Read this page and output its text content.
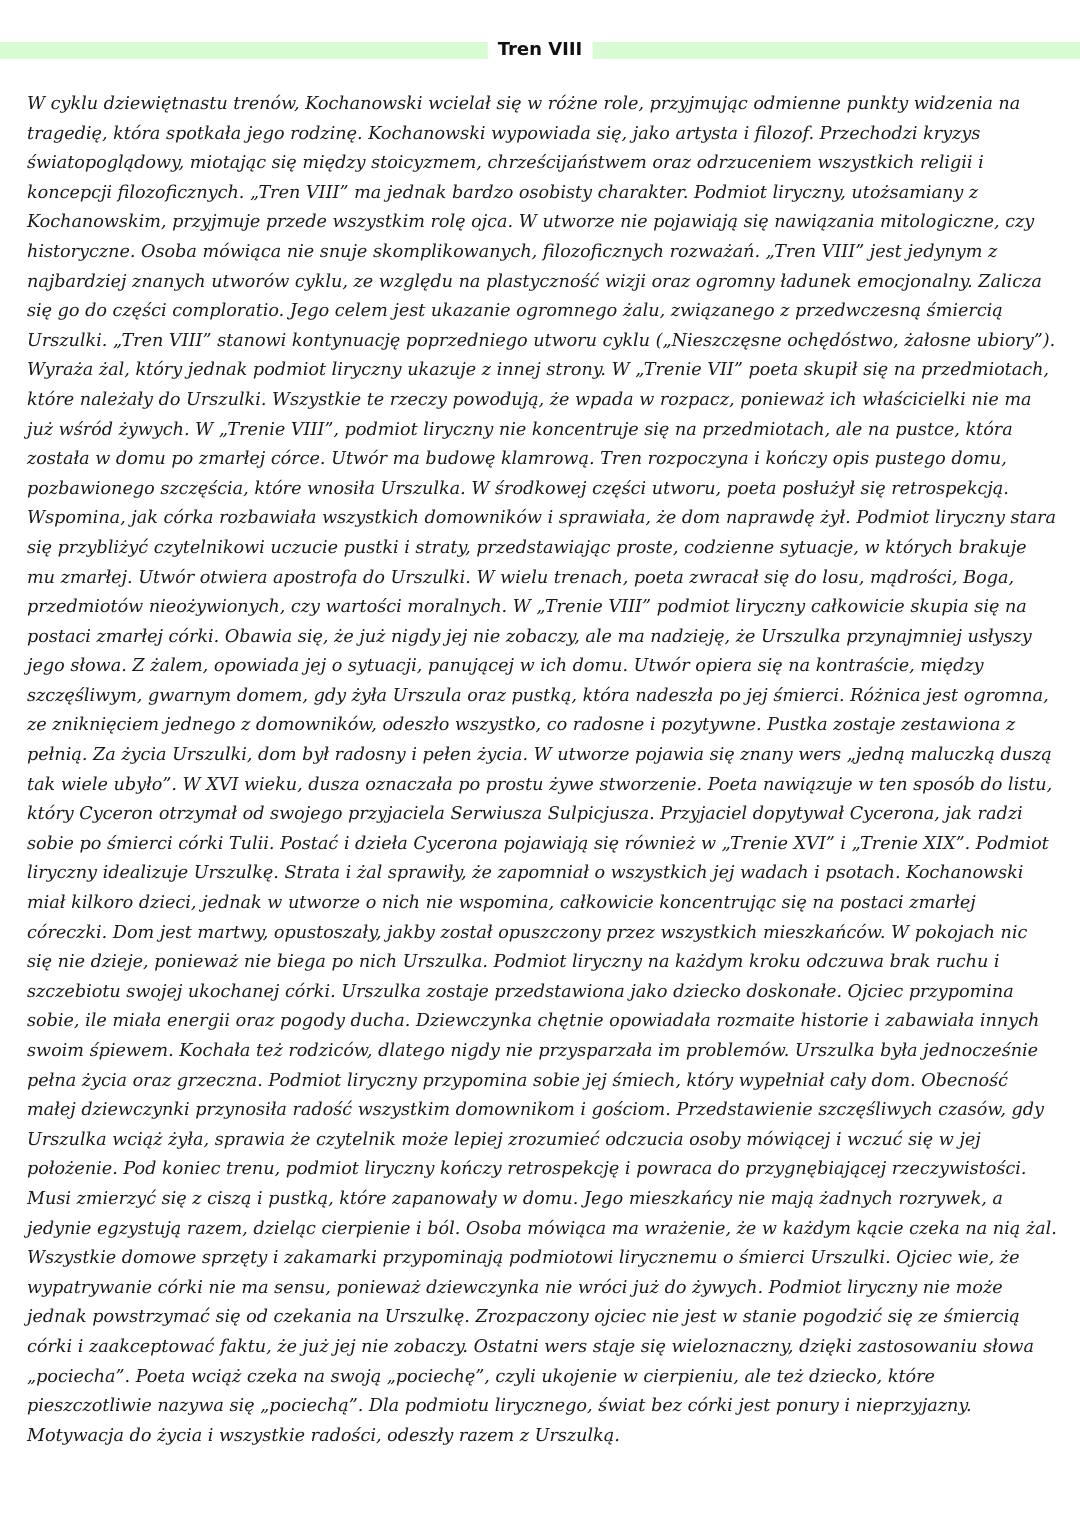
Tren VIII

W cyklu dziewiętnastu trenów, Kochanowski wcielał się w różne role, przyjmując odmienne punkty widzenia na tragedię, która spotkała jego rodzinę. Kochanowski wypowiada się, jako artysta i filozof. Przechodzi kryzys światopoglądowy, miotając się między stoicyzmem, chrześcijaństwem oraz odrzuceniem wszystkich religii i koncepcji filozoficznych. „Tren VIII” ma jednak bardzo osobisty charakter. Podmiot liryczny, utożsamiany z Kochanowskim, przyjmuje przede wszystkim rolę ojca. W utworze nie pojawiają się nawiązania mitologiczne, czy historyczne. Osoba mówiąca nie snuje skomplikowanych, filozoficznych rozważań. „Tren VIII” jest jedynym z najbardziej znanych utworów cyklu, ze względu na plastyczność wizji oraz ogromny ładunek emocjonalny. Zalicza się go do części comploratio. Jego celem jest ukazanie ogromnego żalu, związanego z przedwczesną śmiercią Urszulki. „Tren VIII” stanowi kontynuację poprzedniego utworu cyklu („Nieszczęsne ochędóstwo, żałosne ubiory”). Wyraża żal, który jednak podmiot liryczny ukazuje z innej strony. W „Trenie VII” poeta skupił się na przedmiotach, które należały do Urszulki. Wszystkie te rzeczy powodują, że wpada w rozpacz, ponieważ ich właścicielki nie ma już wśród żywych. W „Trenie VIII”, podmiot liryczny nie koncentruje się na przedmiotach, ale na pustce, która została w domu po zmarłej córce. Utwór ma budowę klamrową. Tren rozpoczyna i kończy opis pustego domu, pozbawionego szczęścia, które wnosiła Urszulka. W środkowej części utworu, poeta posłużył się retrospekcją. Wspomina, jak córka rozbawiała wszystkich domowników i sprawiała, że dom naprawdę żył. Podmiot liryczny stara się przybliżyć czytelnikowi uczucie pustki i straty, przedstawiając proste, codzienne sytuacje, w których brakuje mu zmarłej. Utwór otwiera apostrofa do Urszulki. W wielu trenach, poeta zwracał się do losu, mądrości, Boga, przedmiotów nieożywionych, czy wartości moralnych. W „Trenie VIII” podmiot liryczny całkowicie skupia się na postaci zmarłej córki. Obawia się, że już nigdy jej nie zobaczy, ale ma nadzieję, że Urszulka przynajmniej usłyszy jego słowa. Z żalem, opowiada jej o sytuacji, panującej w ich domu. Utwór opiera się na kontraście, między szczęśliwym, gwarnym domem, gdy żyła Urszula oraz pustką, która nadeszła po jej śmierci. Różnica jest ogromna, ze zniknięciem jednego z domowników, odeszło wszystko, co radosne i pozytywne. Pustka zostaje zestawiona z pełnią. Za życia Urszulki, dom był radosny i pełen życia. W utworze pojawia się znany wers „jedną maluczką duszą tak wiele ubyło”. W XVI wieku, dusza oznaczała po prostu żywe stworzenie. Poeta nawiązuje w ten sposób do listu, który Cyceron otrzymał od swojego przyjaciela Serwiusza Sulpicjusza. Przyjaciel dopytywał Cycerona, jak radzi sobie po śmierci córki Tulii. Postać i dzieła Cycerona pojawiają się również w „Trenie XVI” i „Trenie XIX”. Podmiot liryczny idealizuje Urszulkę. Strata i żal sprawiły, że zapomniał o wszystkich jej wadach i psotach. Kochanowski miał kilkoro dzieci, jednak w utworze o nich nie wspomina, całkowicie koncentrując się na postaci zmarłej córeczki. Dom jest martwy, opustoszały, jakby został opuszczony przez wszystkich mieszkańców. W pokojach nic się nie dzieje, ponieważ nie biega po nich Urszulka. Podmiot liryczny na każdym kroku odczuwa brak ruchu i szczebiotu swojej ukochanej córki. Urszulka zostaje przedstawiona jako dziecko doskonałe. Ojciec przypomina sobie, ile miała energii oraz pogody ducha. Dziewczynka chętnie opowiadała rozmaite historie i zabawiała innych swoim śpiewem. Kochała też rodziców, dlatego nigdy nie przysparzała im problemów. Urszulka była jednocześnie pełna życia oraz grzeczna. Podmiot liryczny przypomina sobie jej śmiech, który wypełniał cały dom. Obecność małej dziewczynki przynosiła radość wszystkim domownikom i gościom. Przedstawienie szczęśliwych czasów, gdy Urszulka wciąż żyła, sprawia że czytelnik może lepiej zrozumieć odczucia osoby mówiącej i wczuć się w jej położenie. Pod koniec trenu, podmiot liryczny kończy retrospekcję i powraca do przygnębiającej rzeczywistości. Musi zmierzyć się z ciszą i pustką, które zapanowały w domu. Jego mieszkańcy nie mają żadnych rozrywek, a jedynie egzystują razem, dzieląc cierpienie i ból. Osoba mówiąca ma wrażenie, że w każdym kącie czeka na nią żal. Wszystkie domowe sprzęty i zakamarki przypominają podmiotowi lirycznemu o śmierci Urszulki. Ojciec wie, że wypatrywanie córki nie ma sensu, ponieważ dziewczynka nie wróci już do żywych. Podmiot liryczny nie może jednak powstrzymać się od czekania na Urszulkę. Zrozpaczony ojciec nie jest w stanie pogodzić się ze śmiercią córki i zaakceptować faktu, że już jej nie zobaczy. Ostatni wers staje się wieloznaczny, dzięki zastosowaniu słowa „pociecha”. Poeta wciąż czeka na swoją „pociechę”, czyli ukojenie w cierpieniu, ale też dziecko, które pieszczotliwie nazywa się „pociechą”. Dla podmiotu lirycznego, świat bez córki jest ponury i nieprzyjazny. Motywacja do życia i wszystkie radości, odeszły razem z Urszulką.
